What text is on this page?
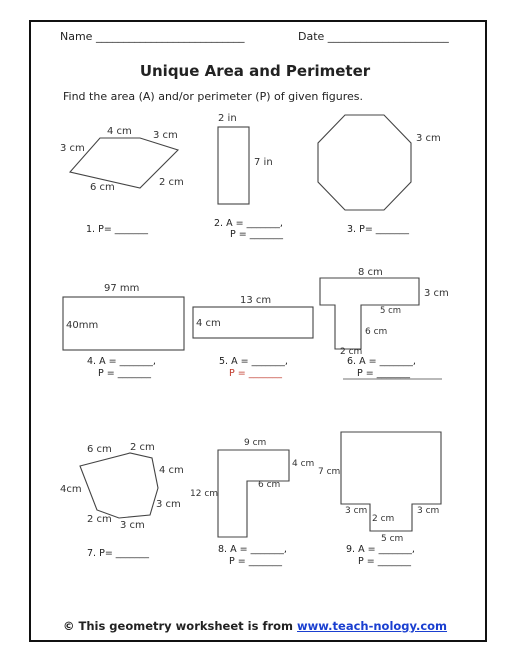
Name ___________________________	Date ______________________
Unique Area and Perimeter
Find the area (A) and/or perimeter (P) of given figures.
4 cm 3 cm
3 cm
2 cm
6 cm
1. P= _______
2 in
7 in
2. A = _______,
P = _______
3 cm
3. P= _______
97 mm
40mm
4. A = _______,
P = _______
13 cm
4 cm
5. A = _______,
P = _______
8 cm
3 cm
5 cm
6 cm
2 cm
6. A = _______,
P = _______
6 cm 2 cm
4 cm
4cm
3 cm
2 cm
3 cm
7. P= _______
9 cm
4 cm
6 cm
12 cm
8. A = _______,
P = _______
7 cm
3 cm
2 cm
3 cm
5 cm
9. A = _______,
P = _______
© This geometry worksheet is from www.teach-nology.com
